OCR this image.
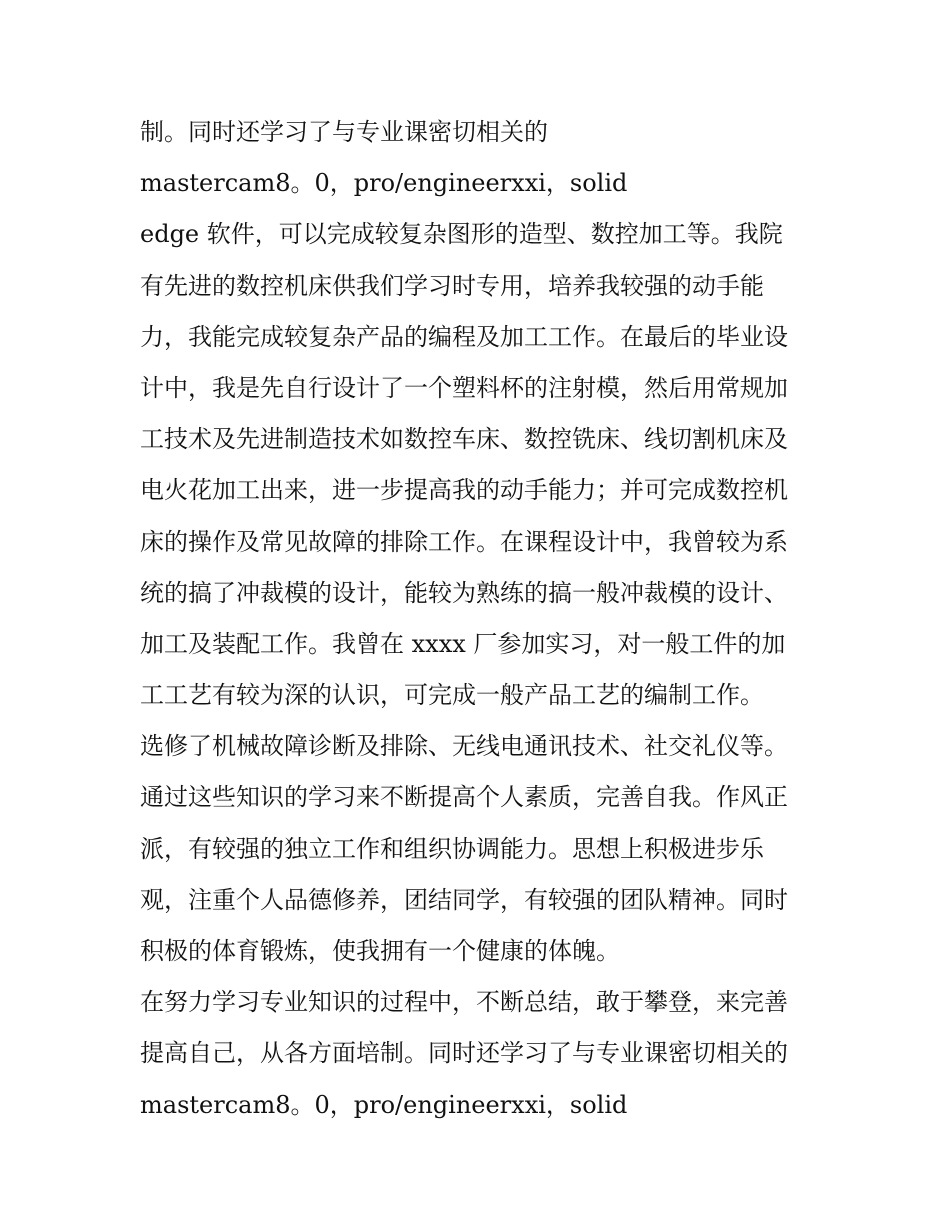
制。同时还学习了与专业课密切相关的
mastercam8。0，pro/engineerxxi，solid
edge 软件，可以完成较复杂图形的造型、数控加工等。我院
有先进的数控机床供我们学习时专用，培养我较强的动手能
力，我能完成较复杂产品的编程及加工工作。在最后的毕业设
计中，我是先自行设计了一个塑料杯的注射模，然后用常规加
工技术及先进制造技术如数控车床、数控铣床、线切割机床及
电火花加工出来，进一步提高我的动手能力；并可完成数控机
床的操作及常见故障的排除工作。在课程设计中，我曾较为系
统的搞了冲裁模的设计，能较为熟练的搞一般冲裁模的设计、
加工及装配工作。我曾在 xxxx 厂参加实习，对一般工件的加
工工艺有较为深的认识，可完成一般产品工艺的编制工作。
选修了机械故障诊断及排除、无线电通讯技术、社交礼仪等。
通过这些知识的学习来不断提高个人素质，完善自我。作风正
派，有较强的独立工作和组织协调能力。思想上积极进步乐
观，注重个人品德修养，团结同学，有较强的团队精神。同时
积极的体育锻炼，使我拥有一个健康的体魄。
在努力学习专业知识的过程中，不断总结，敢于攀登，来完善
提高自己，从各方面培制。同时还学习了与专业课密切相关的
mastercam8。0，pro/engineerxxi，solid
